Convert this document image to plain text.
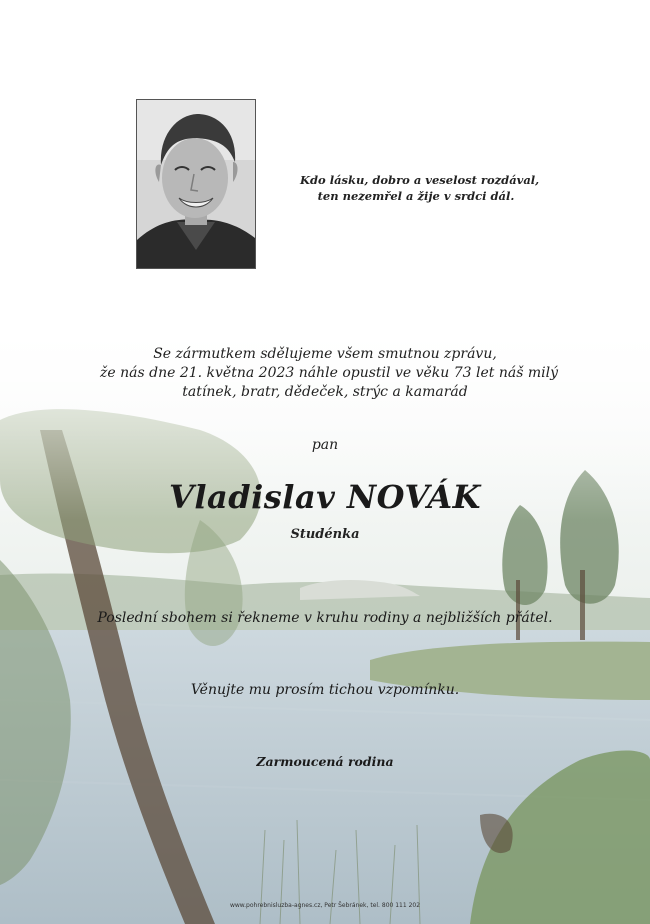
Kdo lásku, dobro a veselost rozdával,
ten nezemřel a žije v srdci dál.
Se zármutkem sdělujeme všem smutnou zprávu,
že nás dne 21. května 2023 náhle opustil ve věku 73 let náš milý
tatínek, bratr, dědeček, strýc a kamarád
pan
Vladislav NOVÁK
Studénka
Poslední sbohem si řekneme v kruhu rodiny a nejbližších přátel.
Věnujte mu prosím tichou vzpomínku.
Zarmoucená rodina
www.pohrebnisluzba-agnes.cz, Petr Šebránek, tel. 800 111 202
